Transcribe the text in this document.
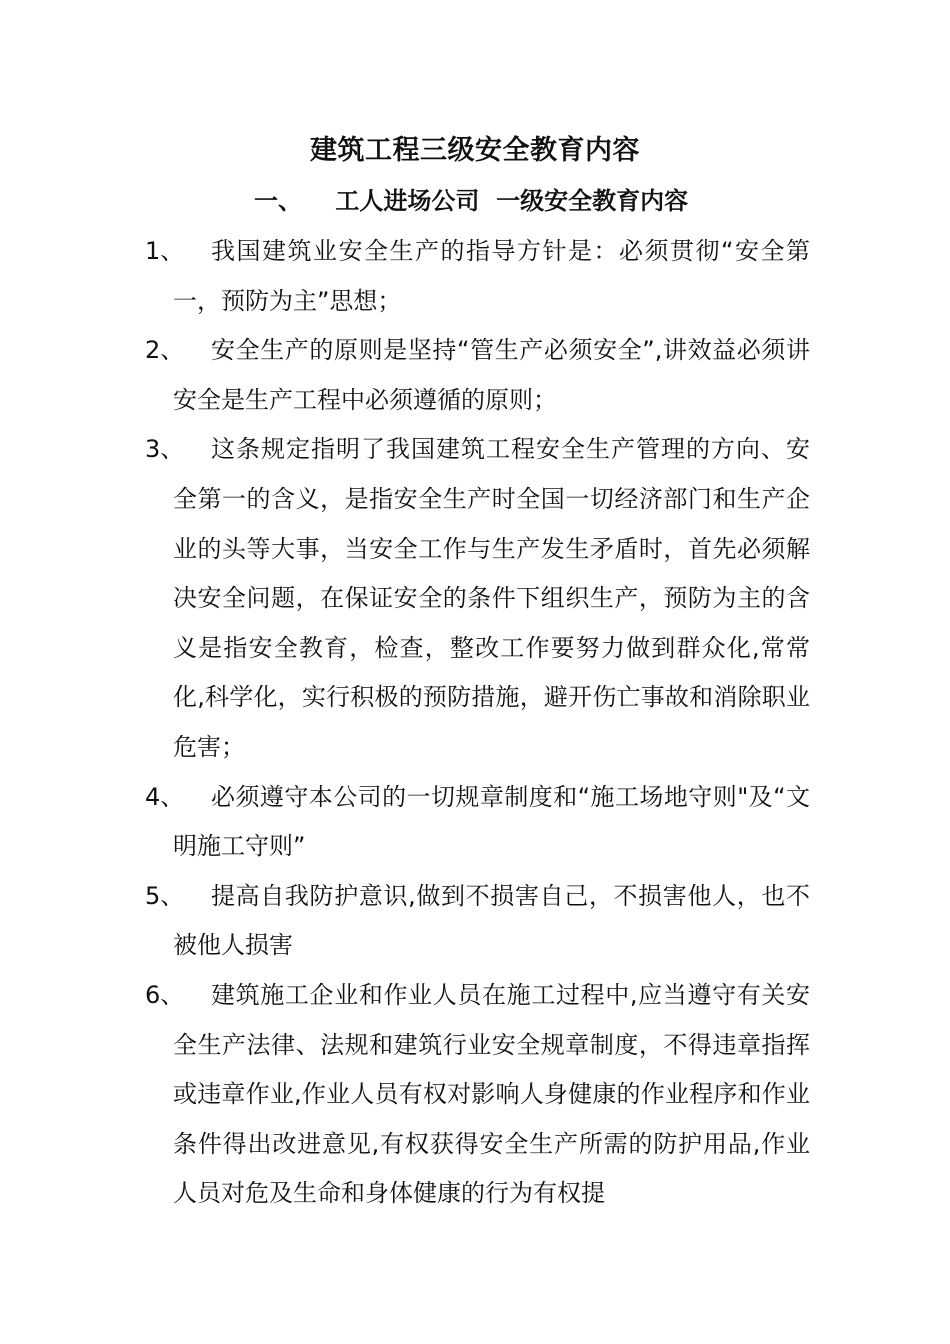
建筑工程三级安全教育内容
一、    工人进场公司  一级安全教育内容
1、	我国建筑业安全生产的指导方针是：必须贯彻“安全第一，预防为主”思想；
2、	安全生产的原则是坚持“管生产必须安全”,讲效益必须讲安全是生产工程中必须遵循的原则；
3、	这条规定指明了我国建筑工程安全生产管理的方向、安全第一的含义，是指安全生产时全国一切经济部门和生产企业的头等大事，当安全工作与生产发生矛盾时，首先必须解决安全问题，在保证安全的条件下组织生产，预防为主的含义是指安全教育，检查，整改工作要努力做到群众化,常常化,科学化，实行积极的预防措施，避开伤亡事故和消除职业危害；
4、	必须遵守本公司的一切规章制度和“施工场地守则"及“文明施工守则”
5、	提高自我防护意识,做到不损害自己，不损害他人，也不被他人损害
6、	建筑施工企业和作业人员在施工过程中,应当遵守有关安全生产法律、法规和建筑行业安全规章制度，不得违章指挥或违章作业,作业人员有权对影响人身健康的作业程序和作业条件得出改进意见,有权获得安全生产所需的防护用品,作业人员对危及生命和身体健康的行为有权提
